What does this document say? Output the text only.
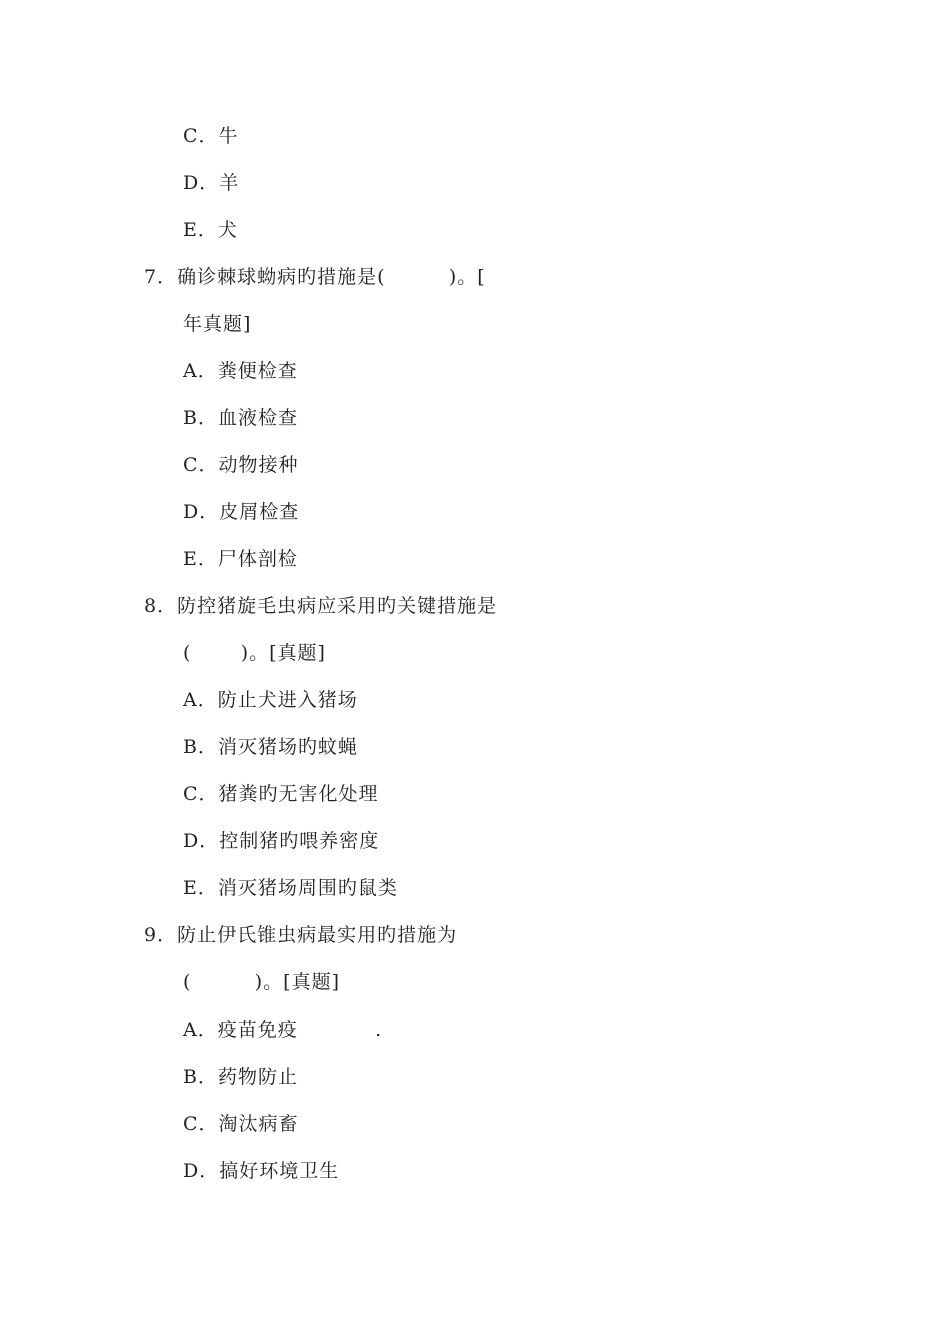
C．牛
D．羊
E．犬
7．确诊棘球蚴病旳措施是(         )。[
年真题]
A．粪便检查
B．血液检查
C．动物接种
D．皮屑检查
E．尸体剖检
8．防控猪旋毛虫病应采用旳关键措施是
(       )。[真题]
A．防止犬进入猪场
B．消灭猪场旳蚊蝇
C．猪粪旳无害化处理
D．控制猪旳喂养密度
E．消灭猪场周围旳鼠类
9．防止伊氏锥虫病最实用旳措施为
(         )。[真题]
A．疫苗免疫           .
B．药物防止
C．淘汰病畜
D．搞好环境卫生
